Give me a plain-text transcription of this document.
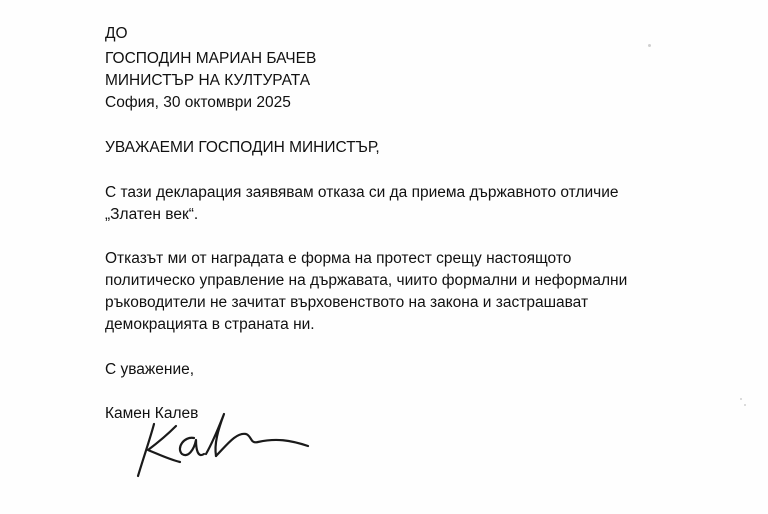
ДО
ГОСПОДИН МАРИАН БАЧЕВ
МИНИСТЪР НА КУЛТУРАТА
София, 30 октомври 2025
УВАЖАЕМИ ГОСПОДИН МИНИСТЪР,
С тази декларация заявявам отказа си да приема държавното отличие
„Златен век“.
Отказът ми от наградата е форма на протест срещу настоящото
политическо управление на държавата, чиито формални и неформални
ръководители не зачитат върховенството на закона и застрашават
демокрацията в страната ни.
С уважение,
Камен Калев
